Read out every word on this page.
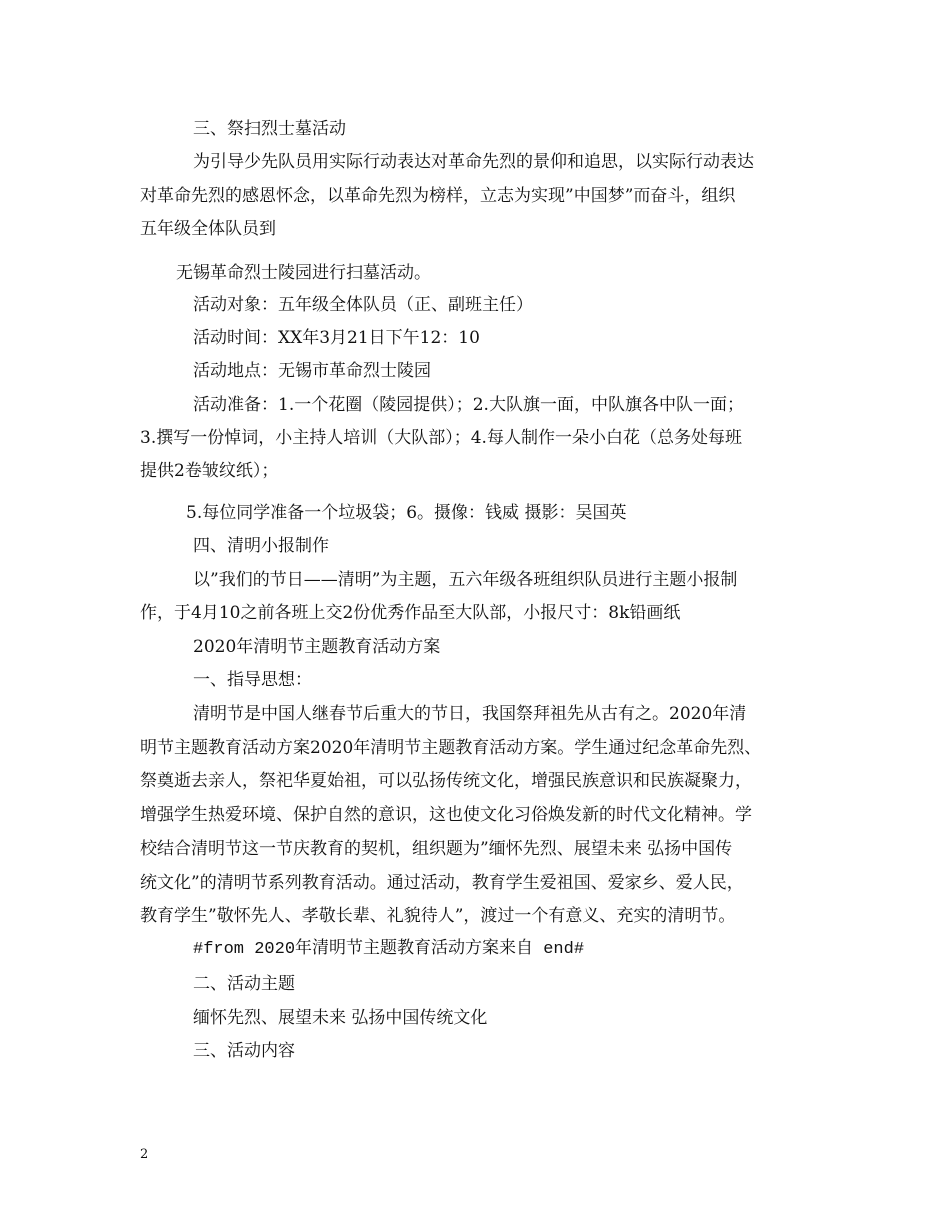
三、祭扫烈士墓活动
为引导少先队员用实际行动表达对革命先烈的景仰和追思，以实际行动表达
对革命先烈的感恩怀念，以革命先烈为榜样，立志为实现”中国梦”而奋斗，组织
五年级全体队员到
无锡革命烈士陵园进行扫墓活动。
活动对象：五年级全体队员（正、副班主任）
活动时间：XX年3月21日下午12：10
活动地点：无锡市革命烈士陵园
活动准备：1.一个花圈（陵园提供）；2.大队旗一面，中队旗各中队一面；
3.撰写一份悼词，小主持人培训（大队部）；4.每人制作一朵小白花（总务处每班
提供2卷皱纹纸）；
5.每位同学准备一个垃圾袋；6。摄像：钱威 摄影：吴国英
四、清明小报制作
以”我们的节日——清明”为主题，五六年级各班组织队员进行主题小报制
作，于4月10之前各班上交2份优秀作品至大队部，小报尺寸：8k铅画纸
2020年清明节主题教育活动方案
一、指导思想：
清明节是中国人继春节后重大的节日，我国祭拜祖先从古有之。2020年清
明节主题教育活动方案2020年清明节主题教育活动方案。学生通过纪念革命先烈、
祭奠逝去亲人，祭祀华夏始祖，可以弘扬传统文化，增强民族意识和民族凝聚力，
增强学生热爱环境、保护自然的意识，这也使文化习俗焕发新的时代文化精神。学
校结合清明节这一节庆教育的契机，组织题为”缅怀先烈、展望未来 弘扬中国传
统文化”的清明节系列教育活动。通过活动，教育学生爱祖国、爱家乡、爱人民，
教育学生”敬怀先人、孝敬长辈、礼貌待人”，渡过一个有意义、充实的清明节。
#from 2020年清明节主题教育活动方案来自 end#
二、活动主题
缅怀先烈、展望未来 弘扬中国传统文化
三、活动内容
2
